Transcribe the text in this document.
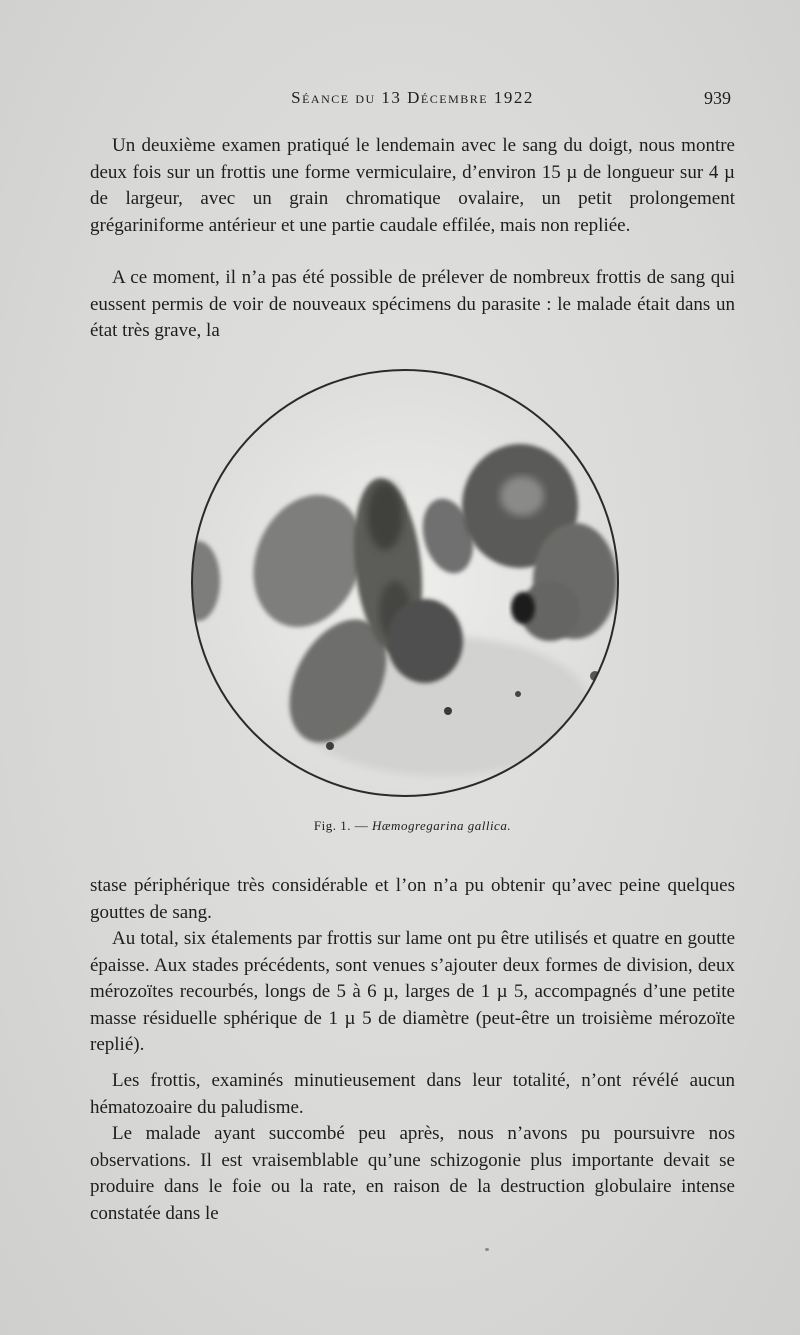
Séance du 13 Décembre 1922	939

Un deuxième examen pratiqué le lendemain avec le sang du doigt, nous montre deux fois sur un frottis une forme vermiculaire, d’environ 15 µ de longueur sur 4 µ de largeur, avec un grain chromatique ovalaire, un petit prolongement grégariniforme antérieur et une partie caudale effilée, mais non repliée.

A ce moment, il n’a pas été possible de prélever de nombreux frottis de sang qui eussent permis de voir de nouveaux spécimens du parasite : le malade était dans un état très grave, la

Fig. 1. — Hæmogregarina gallica.

stase périphérique très considérable et l’on n’a pu obtenir qu’avec peine quelques gouttes de sang.

Au total, six étalements par frottis sur lame ont pu être utilisés et quatre en goutte épaisse. Aux stades précédents, sont venues s’ajouter deux formes de division, deux mérozoïtes recourbés, longs de 5 à 6 µ, larges de 1 µ 5, accompagnés d’une petite masse résiduelle sphérique de 1 µ 5 de diamètre (peut-être un troisième mérozoïte replié).

Les frottis, examinés minutieusement dans leur totalité, n’ont révélé aucun hématozoaire du paludisme.

Le malade ayant succombé peu après, nous n’avons pu poursuivre nos observations. Il est vraisemblable qu’une schizogonie plus importante devait se produire dans le foie ou la rate, en raison de la destruction globulaire intense constatée dans le
